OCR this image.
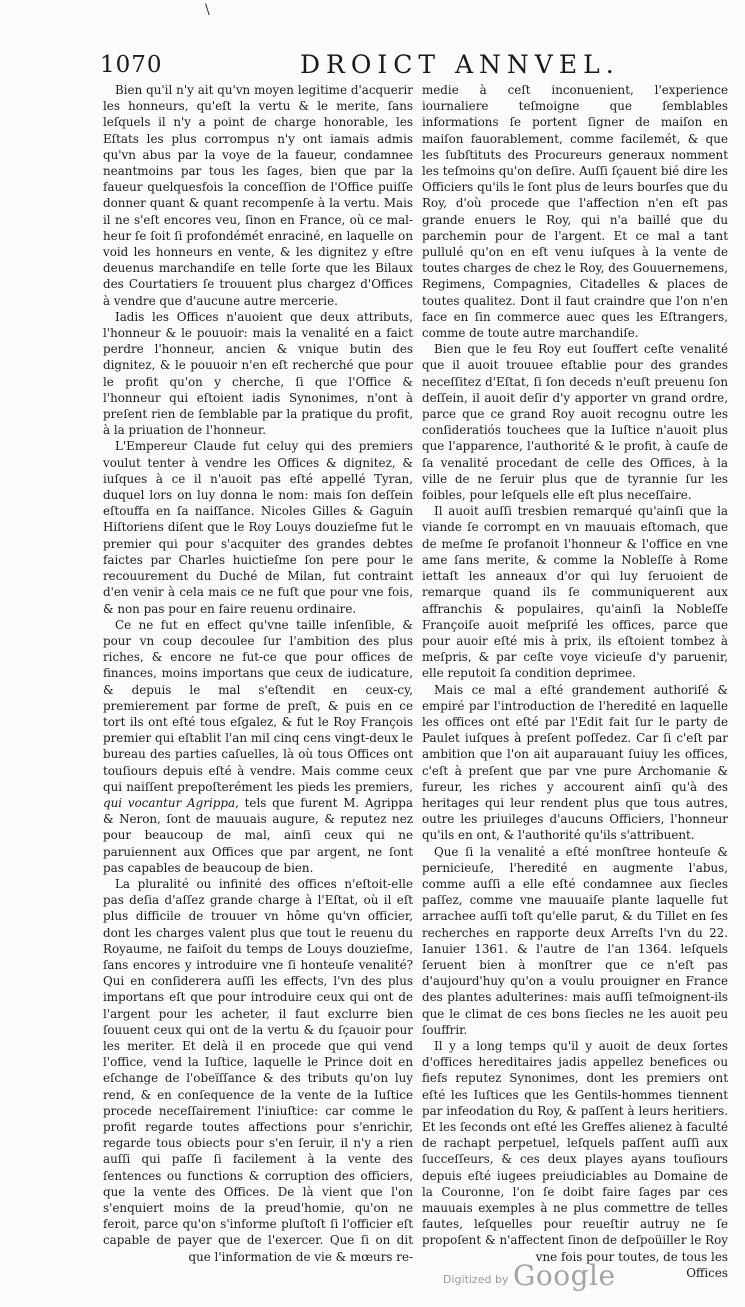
\
1070	DROICT ANNVEL.

Bien qu'il n'y ait qu'vn moyen legitime d'acquerir les honneurs, qu'eſt la vertu & le merite, ſans leſquels il n'y a point de charge honorable, les Eſtats les plus corrompus n'y ont iamais admis qu'vn abus par la voye de la faueur, condamnee neantmoins par tous les ſages, bien que par la faueur quelquesfois la conceſſion de l'Office puiſſe donner quant & quant recompenſe à la vertu. Mais il ne s'eſt encores veu, ſinon en France, où ce mal-heur ſe ſoit ſi profondémét enraciné, en laquelle on void les honneurs en vente, & les dignitez y eſtre deuenus marchandiſe en telle ſorte que les Bilaux des Courtatiers ſe trouuent plus chargez d'Offices à vendre que d'aucune autre mercerie.

Iadis les Offices n'auoient que deux attributs, l'honneur & le pouuoir: mais la venalité en a faict perdre l'honneur, ancien & vnique butin des dignitez, & le pouuoir n'en eſt recherché que pour le profit qu'on y cherche, ſi que l'Office & l'honneur qui eſtoient iadis Synonimes, n'ont à preſent rien de ſemblable par la pratique du profit, à la priuation de l'honneur.

L'Empereur Claude fut celuy qui des premiers voulut tenter à vendre les Offices & dignitez, & iuſques à ce il n'auoit pas eſté appellé Tyran, duquel lors on luy donna le nom: mais ſon deſſein eſtouffa en ſa naiſſance. Nicoles Gilles & Gaguin Hiſtoriens diſent que le Roy Louys douzieſme fut le premier qui pour s'acquiter des grandes debtes faictes par Charles huictieſme ſon pere pour le recouurement du Duché de Milan, fut contraint d'en venir à cela mais ce ne fuſt que pour vne fois, & non pas pour en faire reuenu ordinaire.

Ce ne fut en effect qu'vne taille inſenſible, & pour vn coup decoulee ſur l'ambition des plus riches, & encore ne fut-ce que pour offices de finances, moins importans que ceux de iudicature, & depuis le mal s'eſtendit en ceux-cy, premierement par forme de preſt, & puis en ce tort ils ont eſté tous eſgalez, & fut le Roy François premier qui eſtablit l'an mil cinq cens vingt-deux le bureau des parties caſuelles, là où tous Offices ont touſiours depuis eſté à vendre. Mais comme ceux qui naiſſent prepoſterément les pieds les premiers, qui vocantur Agrippa, tels que furent M. Agrippa & Neron, ſont de mauuais augure, & reputez nez pour beaucoup de mal, ainſi ceux qui ne paruiennent aux Offices que par argent, ne ſont pas capables de beaucoup de bien.

La pluralité ou infinité des offices n'eſtoit-elle pas deſia d'aſſez grande charge à l'Eſtat, où il eſt plus difficile de trouuer vn hôme qu'vn officier, dont les charges valent plus que tout le reuenu du Royaume, ne faiſoit du temps de Louys douzieſme, ſans encores y introduire vne ſi honteuſe venalité? Qui en conſiderera auſſi les effects, l'vn des plus importans eſt que pour introduire ceux qui ont de l'argent pour les acheter, il faut exclurre bien ſouuent ceux qui ont de la vertu & du ſçauoir pour les meriter. Et delà il en procede que qui vend l'office, vend la Iuſtice, laquelle le Prince doit en eſchange de l'obeïſſance & des tributs qu'on luy rend, & en conſequence de la vente de la Iuſtice procede neceſſairement l'iniuſtice: car comme le profit regarde toutes affections pour s'enrichir, regarde tous obiects pour s'en ſeruir, il n'y a rien auſſi qui paſſe ſi facilement à la vente des ſentences ou functions & corruption des officiers, que la vente des Offices. De là vient que l'on s'enquiert moins de la preud'homie, qu'on ne feroit, parce qu'on s'informe pluſtoſt ſi l'officier eſt capable de payer que de l'exercer. Que ſi on dit que l'information de vie & mœurs re-

medie à ceſt inconuenient, l'experience iournaliere teſmoigne que ſemblables informations ſe portent ſigner de maiſon en maiſon fauorablement, comme facilemét, & que les ſubſtituts des Procureurs generaux nomment les teſmoins qu'on deſire. Auſſi ſçauent bié dire les Officiers qu'ils le ſont plus de leurs bourſes que du Roy, d'où procede que l'affection n'en eſt pas grande enuers le Roy, qui n'a baillé que du parchemin pour de l'argent. Et ce mal a tant pullulé qu'on en eſt venu iuſques à la vente de toutes charges de chez le Roy, des Gouuernemens, Regimens, Compagnies, Citadelles & places de toutes qualitez. Dont il faut craindre que l'on n'en face en ſin commerce auec ques les Eſtrangers, comme de toute autre marchandiſe.

Bien que le feu Roy eut ſouffert ceſte venalité que il auoit trouuee eſtablie pour des grandes neceſſitez d'Eſtat, ſi ſon deceds n'euſt preuenu ſon deſſein, il auoit deſir d'y apporter vn grand ordre, parce que ce grand Roy auoit recognu outre les conſideratiós touchees que la Iuſtice n'auoit plus que l'apparence, l'authorité & le profit, à cauſe de ſa venalité procedant de celle des Offices, à la ville de ne ſeruir plus que de tyrannie ſur les foibles, pour leſquels elle eſt plus neceſſaire.

Il auoit auſſi tresbien remarqué qu'ainſi que la viande ſe corrompt en vn mauuais eſtomach, que de meſme ſe profanoit l'honneur & l'office en vne ame ſans merite, & comme la Nobleſſe à Rome iettaſt les anneaux d'or qui luy ſeruoient de remarque quand ils ſe communiquerent aux affranchis & populaires, qu'ainſi la Nobleſſe Françoiſe auoit meſpriſé les offices, parce que pour auoir eſté mis à prix, ils eſtoient tombez à meſpris, & par ceſte voye vicieuſe d'y paruenir, elle reputoit ſa condition deprimee.

Mais ce mal a eſté grandement authoriſé & empiré par l'introduction de l'heredité en laquelle les offices ont eſté par l'Edit fait ſur le party de Paulet iuſques à preſent poſſedez. Car ſi c'eſt par ambition que l'on ait auparauant ſuiuy les offices, c'eſt à preſent que par vne pure Archomanie & fureur, les riches y accourent ainſi qu'à des heritages qui leur rendent plus que tous autres, outre les priuileges d'aucuns Officiers, l'honneur qu'ils en ont, & l'authorité qu'ils s'attribuent.

Que ſi la venalité a eſté monſtree honteuſe & pernicieuſe, l'heredité en augmente l'abus, comme auſſi a elle eſté condamnee aux ſiecles paſſez, comme vne mauuaiſe plante laquelle fut arrachee auſſi toſt qu'elle parut, & du Tillet en ſes recherches en rapporte deux Arreſts l'vn du 22. Ianuier 1361. & l'autre de l'an 1364. leſquels ſeruent bien à monſtrer que ce n'eſt pas d'aujourd'huy qu'on a voulu prouigner en France des plantes adulterines: mais auſſi teſmoignent-ils que le climat de ces bons ſiecles ne les auoit peu ſouffrir.

Il y a long temps qu'il y auoit de deux ſortes d'offices hereditaires jadis appellez benefices ou fiefs reputez Synonimes, dont les premiers ont eſté les Iuſtices que les Gentils-hommes tiennent par infeodation du Roy, & paſſent à leurs heritiers. Et les ſeconds ont eſté les Greffes alienez à faculté de rachapt perpetuel, leſquels paſſent auſſi aux ſucceſſeurs, & ces deux playes ayans touſiours depuis eſté iugees preiudiciables au Domaine de la Couronne, l'on ſe doibt faire ſages par ces mauuais exemples à ne plus commettre de telles fautes, leſquelles pour reueſtir autruy ne ſe propoſent & n'affectent ſinon de deſpoüiller le Roy vne fois pour toutes, de tous les

Offices

Digitized by Google
